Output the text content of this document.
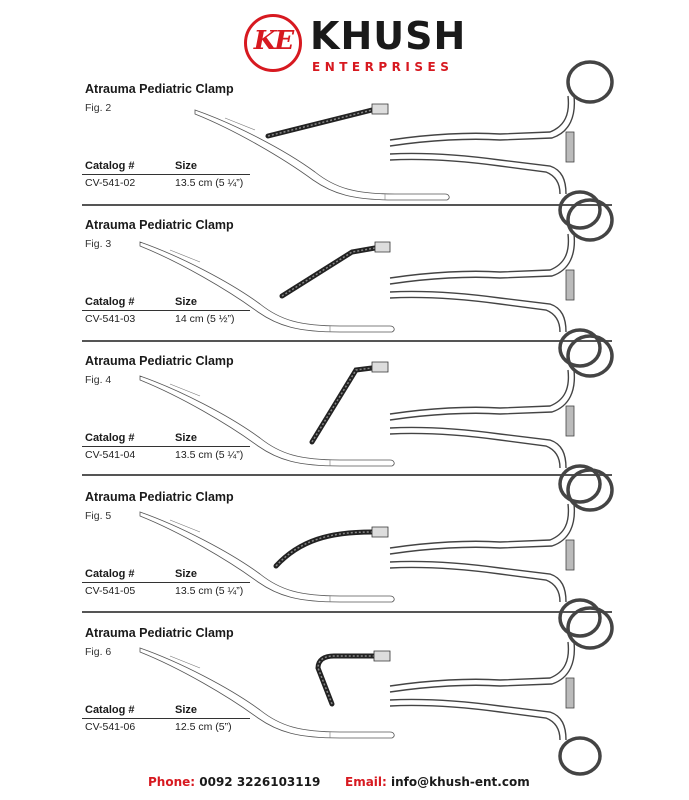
KE KHUSH
ENTERPRISES
Atrauma Pediatric Clamp
Fig. 2
Catalog #	Size
CV-541-02	13.5 cm (5 ¼”)
Atrauma Pediatric Clamp
Fig. 3
Catalog #	Size
CV-541-03	14 cm (5 ½”)
Atrauma Pediatric Clamp
Fig. 4
Catalog #	Size
CV-541-04	13.5 cm (5 ¼”)
Atrauma Pediatric Clamp
Fig. 5
Catalog #	Size
CV-541-05	13.5 cm (5 ¼”)
Atrauma Pediatric Clamp
Fig. 6
Catalog #	Size
CV-541-06	12.5 cm (5”)
Phone: 0092 3226103119 Email: info@khush-ent.com
